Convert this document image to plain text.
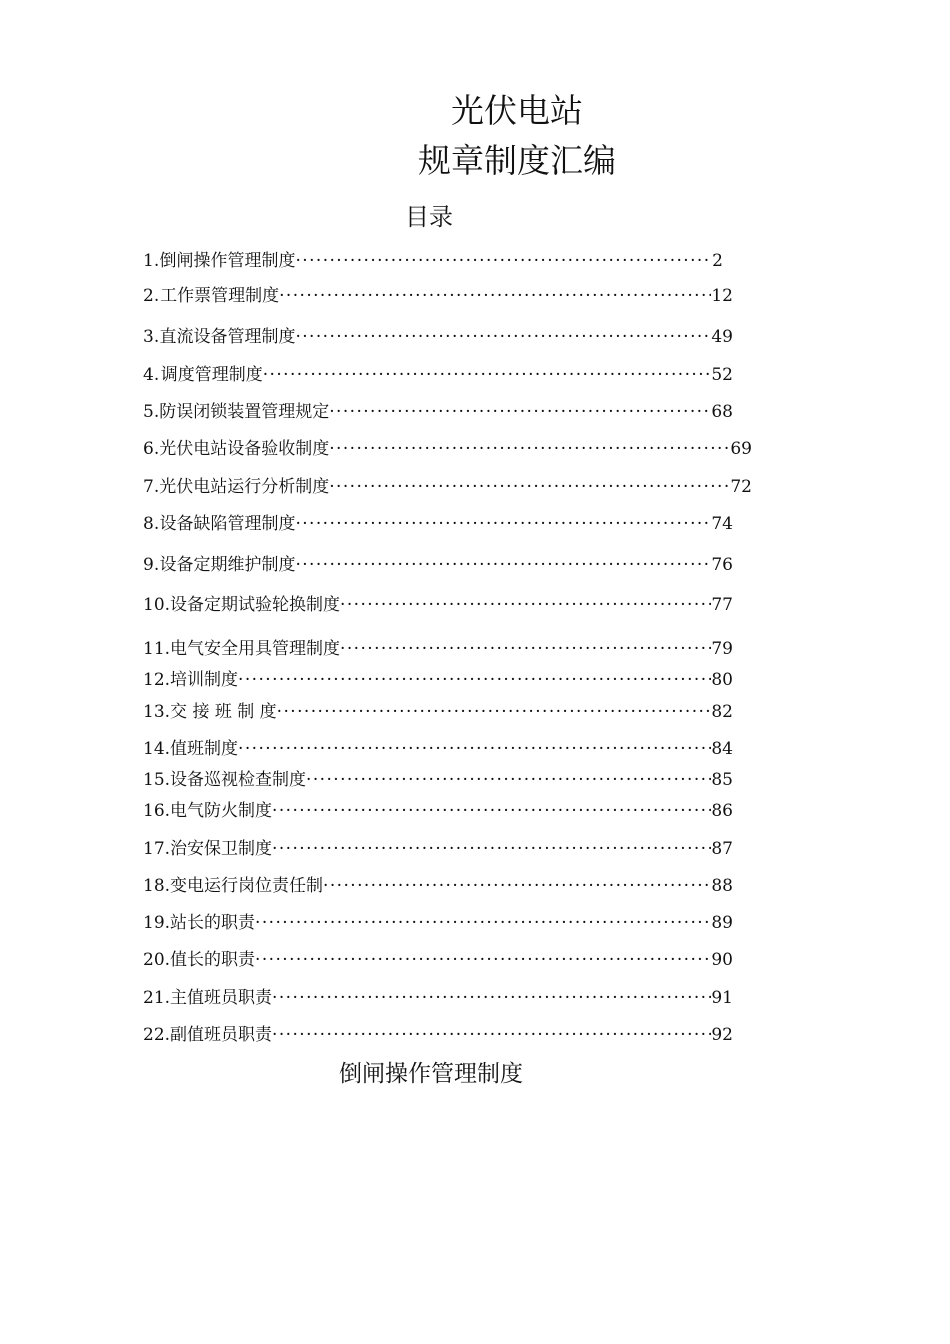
光伏电站
规章制度汇编
目录
1. 倒闸操作管理制度 ·····	2
2. 工作票管理制度 ·····	12
3. 直流设备管理制度 ·····	49
4. 调度管理制度 ·····	52
5. 防误闭锁装置管理规定 ·····	68
6. 光伏电站设备验收制度 ·····	69
7. 光伏电站运行分析制度 ·····	72
8. 设备缺陷管理制度 ·····	74
9. 设备定期维护制度 ·····	76
10. 设备定期试验轮换制度 ·····	77
11. 电气安全用具管理制度 ·····	79
12. 培训制度 ·····	80
13. 交 接 班 制 度 ·····	82
14. 值班制度 ·····	84
15. 设备巡视检查制度 ·····	85
16. 电气防火制度 ·····	86
17. 治安保卫制度 ·····	87
18. 变电运行岗位责任制 ·····	88
19. 站长的职责 ·····	89
20. 值长的职责 ·····	90
21. 主值班员职责 ·····	91
22. 副值班员职责 ·····	92
倒闸操作管理制度
